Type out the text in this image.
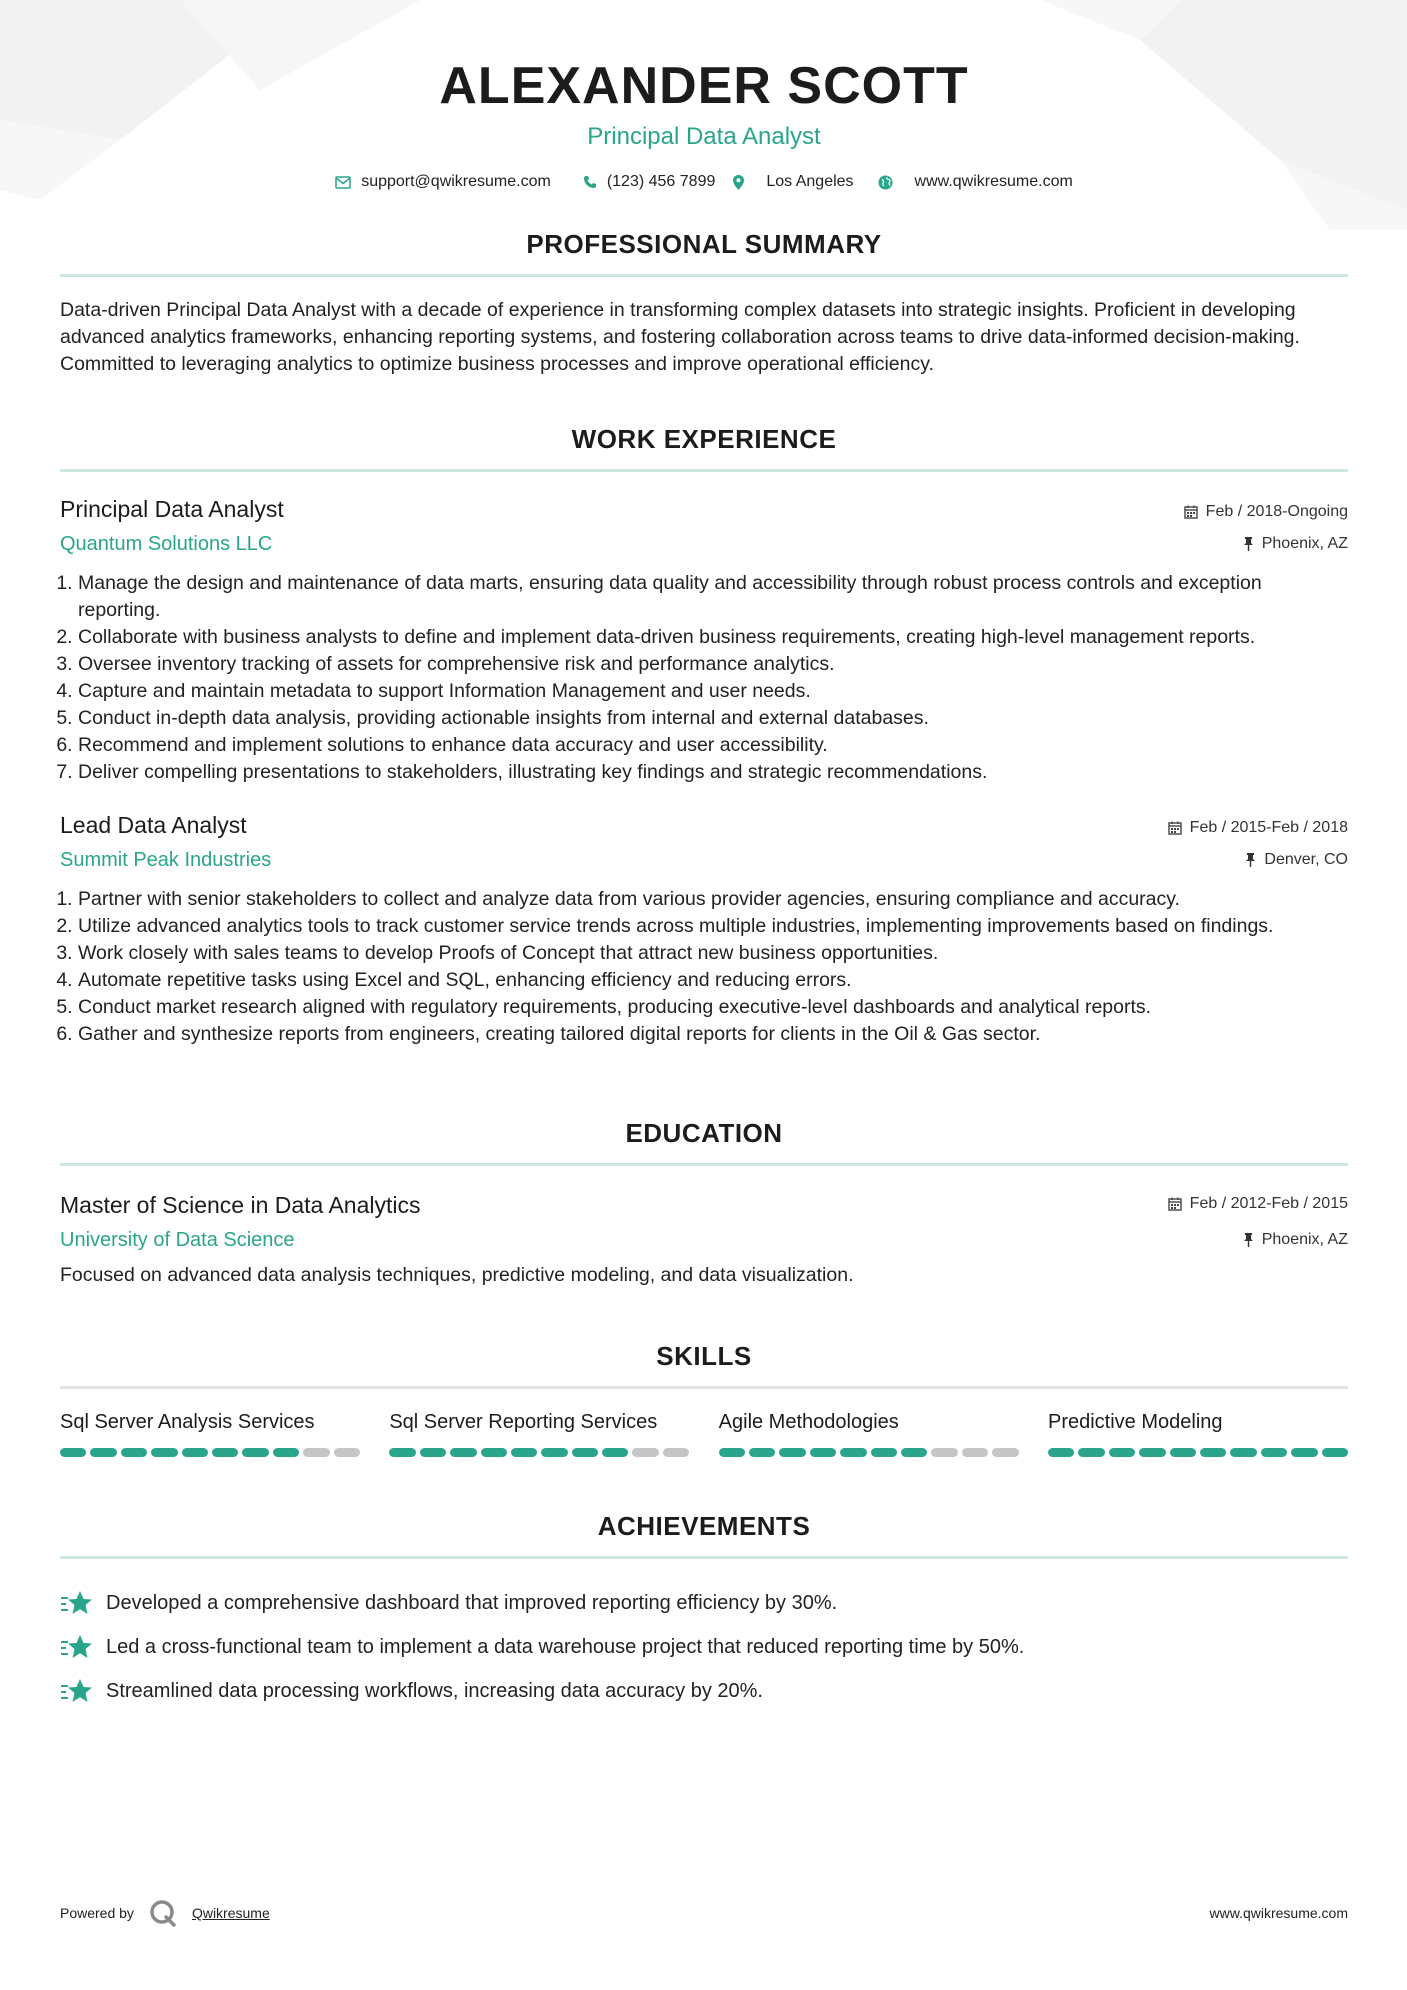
ALEXANDER SCOTT
Principal Data Analyst
support@qwikresume.com	(123) 456 7899	Los Angeles	www.qwikresume.com
PROFESSIONAL SUMMARY
Data-driven Principal Data Analyst with a decade of experience in transforming complex datasets into strategic insights. Proficient in developing advanced analytics frameworks, enhancing reporting systems, and fostering collaboration across teams to drive data-informed decision-making. Committed to leveraging analytics to optimize business processes and improve operational efficiency.
WORK EXPERIENCE
Principal Data Analyst
Quantum Solutions LLC
Feb / 2018-Ongoing
Phoenix, AZ
1. Manage the design and maintenance of data marts, ensuring data quality and accessibility through robust process controls and exception reporting.
2. Collaborate with business analysts to define and implement data-driven business requirements, creating high-level management reports.
3. Oversee inventory tracking of assets for comprehensive risk and performance analytics.
4. Capture and maintain metadata to support Information Management and user needs.
5. Conduct in-depth data analysis, providing actionable insights from internal and external databases.
6. Recommend and implement solutions to enhance data accuracy and user accessibility.
7. Deliver compelling presentations to stakeholders, illustrating key findings and strategic recommendations.
Lead Data Analyst
Summit Peak Industries
Feb / 2015-Feb / 2018
Denver, CO
1. Partner with senior stakeholders to collect and analyze data from various provider agencies, ensuring compliance and accuracy.
2. Utilize advanced analytics tools to track customer service trends across multiple industries, implementing improvements based on findings.
3. Work closely with sales teams to develop Proofs of Concept that attract new business opportunities.
4. Automate repetitive tasks using Excel and SQL, enhancing efficiency and reducing errors.
5. Conduct market research aligned with regulatory requirements, producing executive-level dashboards and analytical reports.
6. Gather and synthesize reports from engineers, creating tailored digital reports for clients in the Oil & Gas sector.
EDUCATION
Master of Science in Data Analytics
University of Data Science
Feb / 2012-Feb / 2015
Phoenix, AZ
Focused on advanced data analysis techniques, predictive modeling, and data visualization.
SKILLS
Sql Server Analysis Services	Sql Server Reporting Services	Agile Methodologies	Predictive Modeling
ACHIEVEMENTS
Developed a comprehensive dashboard that improved reporting efficiency by 30%.
Led a cross-functional team to implement a data warehouse project that reduced reporting time by 50%.
Streamlined data processing workflows, increasing data accuracy by 20%.
Powered by	Qwikresume	www.qwikresume.com
